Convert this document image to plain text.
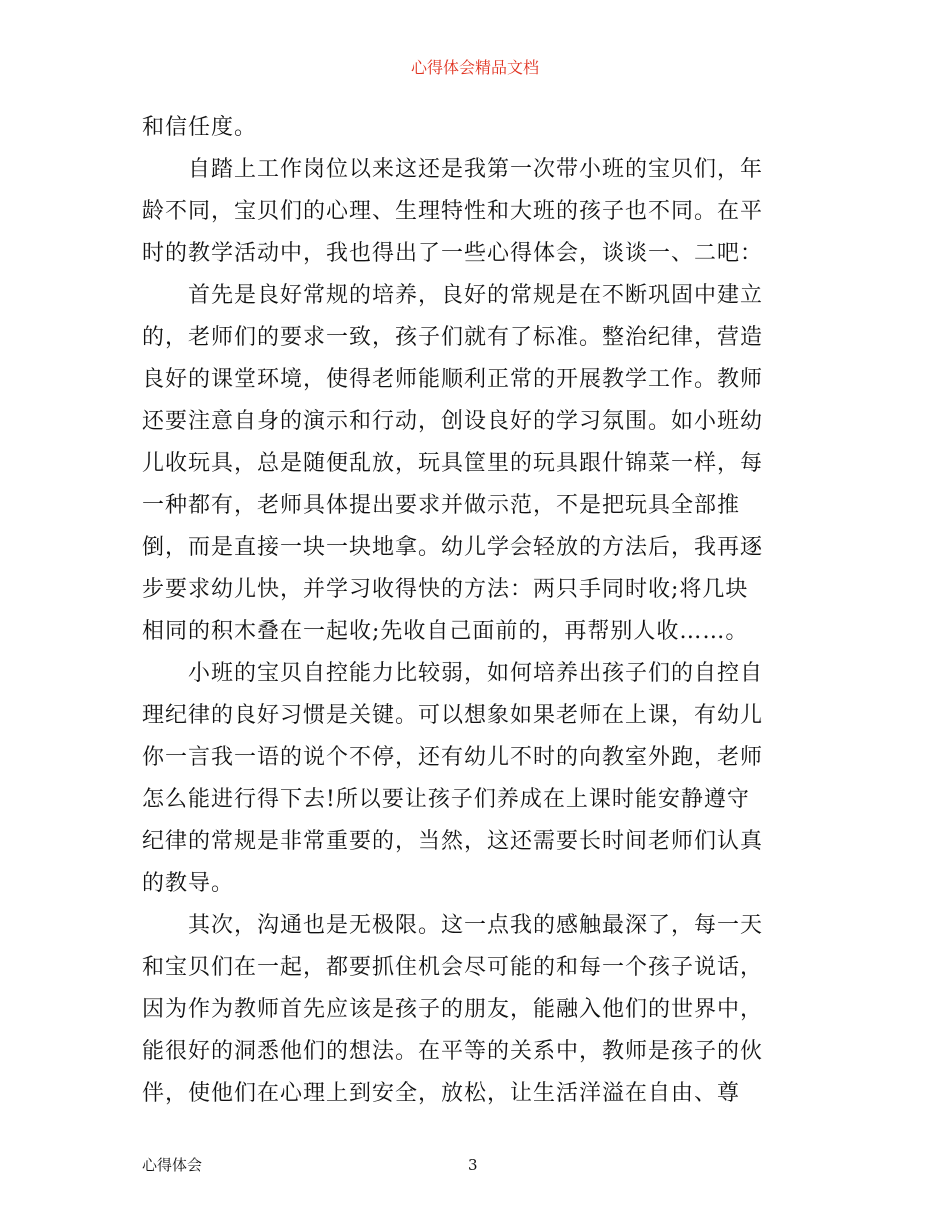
心得体会精品文档
和信任度。
自踏上工作岗位以来这还是我第一次带小班的宝贝们，年
龄不同，宝贝们的心理、生理特性和大班的孩子也不同。在平
时的教学活动中，我也得出了一些心得体会，谈谈一、二吧：
首先是良好常规的培养，良好的常规是在不断巩固中建立
的，老师们的要求一致，孩子们就有了标准。整治纪律，营造
良好的课堂环境，使得老师能顺利正常的开展教学工作。教师
还要注意自身的演示和行动，创设良好的学习氛围。如小班幼
儿收玩具，总是随便乱放，玩具筐里的玩具跟什锦菜一样，每
一种都有，老师具体提出要求并做示范，不是把玩具全部推
倒，而是直接一块一块地拿。幼儿学会轻放的方法后，我再逐
步要求幼儿快，并学习收得快的方法：两只手同时收;将几块
相同的积木叠在一起收;先收自己面前的，再帮别人收……。
小班的宝贝自控能力比较弱，如何培养出孩子们的自控自
理纪律的良好习惯是关键。可以想象如果老师在上课，有幼儿
你一言我一语的说个不停，还有幼儿不时的向教室外跑，老师
怎么能进行得下去!所以要让孩子们养成在上课时能安静遵守
纪律的常规是非常重要的，当然，这还需要长时间老师们认真
的教导。
其次，沟通也是无极限。这一点我的感触最深了，每一天
和宝贝们在一起，都要抓住机会尽可能的和每一个孩子说话，
因为作为教师首先应该是孩子的朋友，能融入他们的世界中，
能很好的洞悉他们的想法。在平等的关系中，教师是孩子的伙
伴，使他们在心理上到安全，放松，让生活洋溢在自由、尊
心得体会	3
